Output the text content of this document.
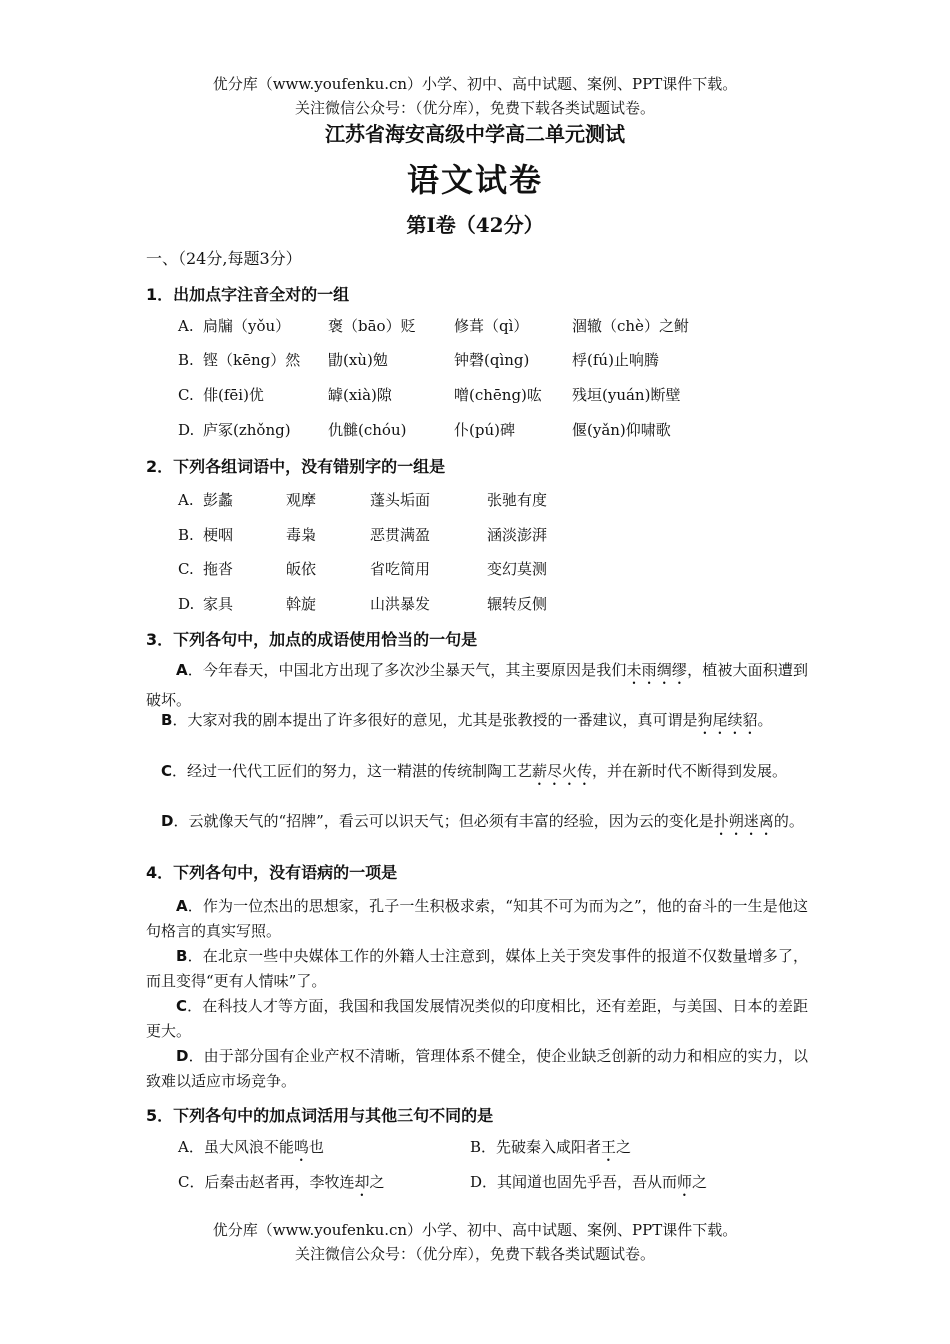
优分库（www.youfenku.cn）小学、初中、高中试题、案例、PPT课件下载。
关注微信公众号：（优分库），免费下载各类试题试卷。
江苏省海安高级中学高二单元测试
语文试卷
第Ⅰ卷（42分）
一、（24分,每题3分）
1．出加点字注音全对的一组
A. 扃牖（yǒu）	褒（bāo）贬	修葺（qì）	涸辙（chè）之鲋
B. 铿（kēng）然 勖(xù)勉	钟磬(qìng)	桴(fú)止响腾
C. 俳(fēi)优	罅(xià)隙	噌(chēng)吰 残垣(yuán)断壁
D. 庐冢(zhǒng) 仇雠(chóu)	仆(pú)碑	偃(yǎn)仰啸歌
2．下列各组词语中，没有错别字的一组是
A. 彭蠡	观摩	蓬头垢面	张驰有度
B. 梗咽	毒枭	恶贯满盈	涵淡澎湃
C. 拖沓	皈依	省吃简用	变幻莫测
D. 家具	斡旋	山洪暴发	辗转反侧
3．下列各句中，加点的成语使用恰当的一句是
A．今年春天，中国北方出现了多次沙尘暴天气，其主要原因是我们未雨绸缪，植被大面积遭到破坏。
B．大家对我的剧本提出了许多很好的意见，尤其是张教授的一番建议，真可谓是狗尾续貂。
C．经过一代代工匠们的努力，这一精湛的传统制陶工艺薪尽火传，并在新时代不断得到发展。
D．云就像天气的“招牌”，看云可以识天气；但必须有丰富的经验，因为云的变化是扑朔迷离的。
4．下列各句中，没有语病的一项是
A．作为一位杰出的思想家，孔子一生积极求索，“知其不可为而为之”，他的奋斗的一生是他这句格言的真实写照。
B．在北京一些中央媒体工作的外籍人士注意到，媒体上关于突发事件的报道不仅数量增多了，而且变得“更有人情味”了。
C．在科技人才等方面，我国和我国发展情况类似的印度相比，还有差距，与美国、日本的差距更大。
D．由于部分国有企业产权不清晰，管理体系不健全，使企业缺乏创新的动力和相应的实力，以致难以适应市场竞争。
5．下列各句中的加点词活用与其他三句不同的是
A．虽大风浪不能鸣也	B．先破秦入咸阳者王之
C．后秦击赵者再，李牧连却之	D．其闻道也固先乎吾，吾从而师之
优分库（www.youfenku.cn）小学、初中、高中试题、案例、PPT课件下载。
关注微信公众号：（优分库），免费下载各类试题试卷。
